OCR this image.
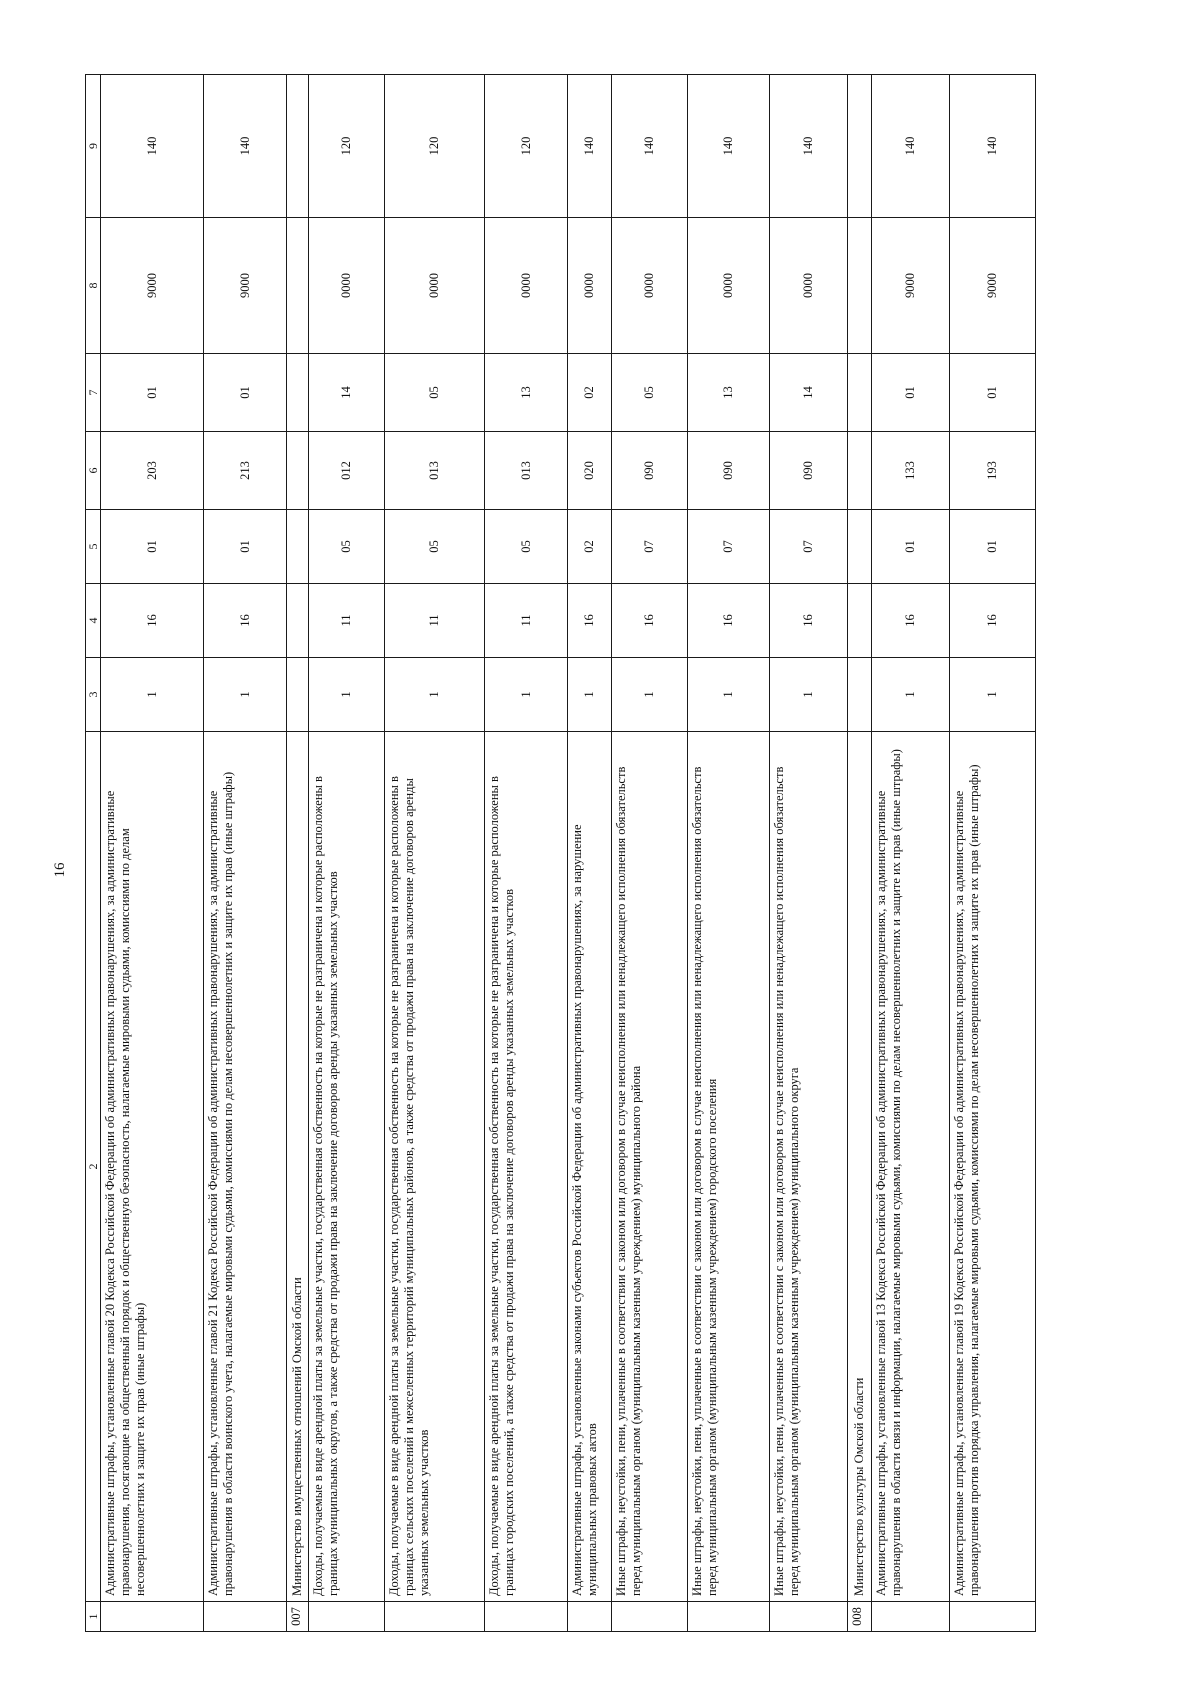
16
1	2	3	4	5	6	7	8	9
	Административные штрафы, установленные главой 20 Кодекса Российской Федерации об административных правонарушениях, за административные правонарушения, посягающие на общественный порядок и общественную безопасность, налагаемые мировыми судьями, комиссиями по делам несовершеннолетних и защите их прав (иные штрафы)	1	16	01	203	01	9000	140
	Административные штрафы, установленные главой 21 Кодекса Российской Федерации об административных правонарушениях, за административные правонарушения в области воинского учета, налагаемые мировыми судьями, комиссиями по делам несовершеннолетних и защите их прав (иные штрафы)	1	16	01	213	01	9000	140
007	Министерство имущественных отношений Омской области							
	Доходы, получаемые в виде арендной платы за земельные участки, государственная собственность на которые не разграничена и которые расположены в границах муниципальных округов, а также средства от продажи права на заключение договоров аренды указанных земельных участков	1	11	05	012	14	0000	120
	Доходы, получаемые в виде арендной платы за земельные участки, государственная собственность на которые не разграничена и которые расположены в границах сельских поселений и межселенных территорий муниципальных районов, а также средства от продажи права на заключение договоров аренды указанных земельных участков	1	11	05	013	05	0000	120
	Доходы, получаемые в виде арендной платы за земельные участки, государственная собственность на которые не разграничена и которые расположены в границах городских поселений, а также средства от продажи права на заключение договоров аренды указанных земельных участков	1	11	05	013	13	0000	120
	Административные штрафы, установленные законами субъектов Российской Федерации об административных правонарушениях, за нарушение муниципальных правовых актов	1	16	02	020	02	0000	140
	Иные штрафы, неустойки, пени, уплаченные в соответствии с законом или договором в случае неисполнения или ненадлежащего исполнения обязательств перед муниципальным органом (муниципальным казенным учреждением) муниципального района	1	16	07	090	05	0000	140
	Иные штрафы, неустойки, пени, уплаченные в соответствии с законом или договором в случае неисполнения или ненадлежащего исполнения обязательств перед муниципальным органом (муниципальным казенным учреждением) городского поселения	1	16	07	090	13	0000	140
	Иные штрафы, неустойки, пени, уплаченные в соответствии с законом или договором в случае неисполнения или ненадлежащего исполнения обязательств перед муниципальным органом (муниципальным казенным учреждением) муниципального округа	1	16	07	090	14	0000	140
008	Министерство культуры Омской области							
	Административные штрафы, установленные главой 13 Кодекса Российской Федерации об административных правонарушениях, за административные правонарушения в области связи и информации, налагаемые мировыми судьями, комиссиями по делам несовершеннолетних и защите их прав (иные штрафы)	1	16	01	133	01	9000	140
	Административные штрафы, установленные главой 19 Кодекса Российской Федерации об административных правонарушениях, за административные правонарушения против порядка управления, налагаемые мировыми судьями, комиссиями по делам несовершеннолетних и защите их прав (иные штрафы)	1	16	01	193	01	9000	140
